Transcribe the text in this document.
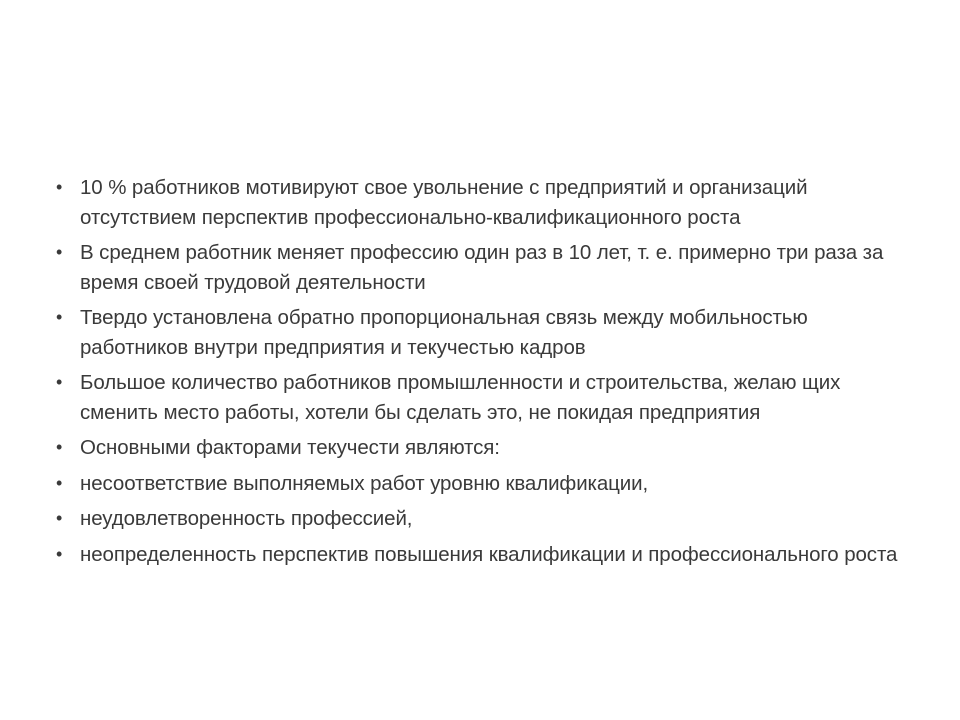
• 10 % работников мотивируют свое увольнение с предприятий и организаций отсутствием перспектив профессионально-квалификационного роста
• В среднем работник меняет профессию один раз в 10 лет, т. е. примерно три раза за время своей трудовой деятельности
• Твердо установлена обратно пропорциональная связь между мобильностью работников внутри предприятия и текучестью кадров
• Большое количество работников промышленности и строительства, желаю щих сменить место работы, хотели бы сделать это, не покидая предприятия
• Основными факторами текучести являются:
• несоответствие выполняемых работ уровню квалификации,
• неудовлетворенность профессией,
• неопределенность перспектив повышения квалификации и профессионального роста
